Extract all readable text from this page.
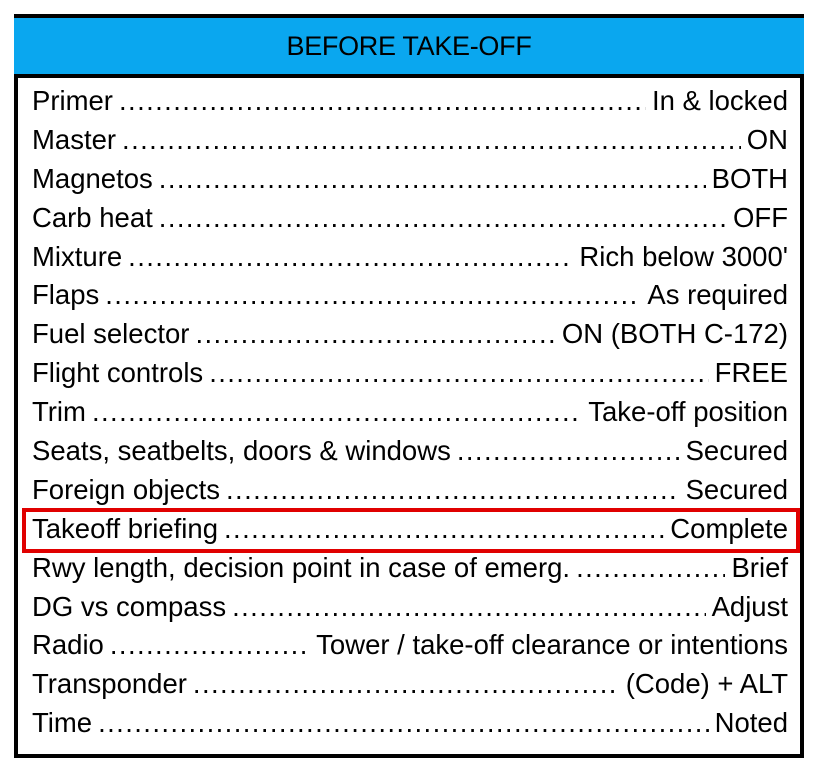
BEFORE TAKE-OFF
Primer .....	In & locked
Master .....	ON
Magnetos .....	BOTH
Carb heat .....	OFF
Mixture .....	Rich below 3000'
Flaps .....	As required
Fuel selector .....	ON (BOTH C-172)
Flight controls .....	FREE
Trim .....	Take-off position
Seats, seatbelts, doors & windows .....	Secured
Foreign objects .....	Secured
Takeoff briefing .....	Complete
Rwy length, decision point in case of emerg. .....	Brief
DG vs compass .....	Adjust
Radio .....	Tower / take-off clearance or intentions
Transponder .....	(Code) + ALT
Time .....	Noted
